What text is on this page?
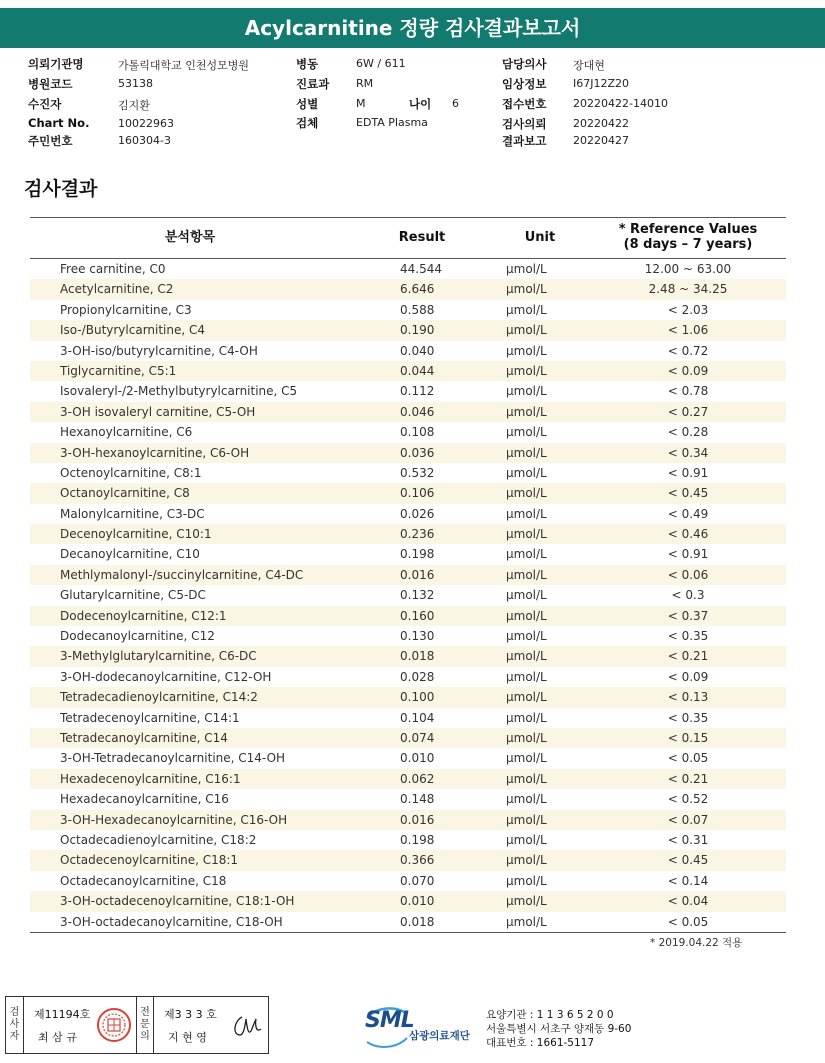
Acylcarnitine 정량 검사결과보고서
의뢰기관명	가톨릭대학교 인천성모병원
병원코드	53138
수진자	김지환
Chart No.	10022963
주민번호	160304-3
병동	6W / 611
진료과 RM
성별	M	나이 6
검체	EDTA Plasma
담당의사 장대현
임상정보 I67J12Z20
접수번호 20220422-14010
검사의뢰 20220422
결과보고 20220427
검사결과
분석항목	Result	Unit	* Reference Values
(8 days – 7 years)
Free carnitine, C0	44.544	μmol/L	12.00 ~ 63.00
Acetylcarnitine, C2	6.646	μmol/L	2.48 ~ 34.25
Propionylcarnitine, C3	0.588	μmol/L	< 2.03
Iso-/Butyrylcarnitine, C4	0.190	μmol/L	< 1.06
3-OH-iso/butyrylcarnitine, C4-OH	0.040	μmol/L	< 0.72
Tiglycarnitine, C5:1	0.044	μmol/L	< 0.09
Isovaleryl-/2-Methylbutyrylcarnitine, C5	0.112	μmol/L	< 0.78
3-OH isovaleryl carnitine, C5-OH	0.046	μmol/L	< 0.27
Hexanoylcarnitine, C6	0.108	μmol/L	< 0.28
3-OH-hexanoylcarnitine, C6-OH	0.036	μmol/L	< 0.34
Octenoylcarnitine, C8:1	0.532	μmol/L	< 0.91
Octanoylcarnitine, C8	0.106	μmol/L	< 0.45
Malonylcarnitine, C3-DC	0.026	μmol/L	< 0.49
Decenoylcarnitine, C10:1	0.236	μmol/L	< 0.46
Decanoylcarnitine, C10	0.198	μmol/L	< 0.91
Methlymalonyl-/succinylcarnitine, C4-DC	0.016	μmol/L	< 0.06
Glutarylcarnitine, C5-DC	0.132	μmol/L	< 0.3
Dodecenoylcarnitine, C12:1	0.160	μmol/L	< 0.37
Dodecanoylcarnitine, C12	0.130	μmol/L	< 0.35
3-Methylglutarylcarnitine, C6-DC	0.018	μmol/L	< 0.21
3-OH-dodecanoylcarnitine, C12-OH	0.028	μmol/L	< 0.09
Tetradecadienoylcarnitine, C14:2	0.100	μmol/L	< 0.13
Tetradecenoylcarnitine, C14:1	0.104	μmol/L	< 0.35
Tetradecanoylcarnitine, C14	0.074	μmol/L	< 0.15
3-OH-Tetradecanoylcarnitine, C14-OH	0.010	μmol/L	< 0.05
Hexadecenoylcarnitine, C16:1	0.062	μmol/L	< 0.21
Hexadecanoylcarnitine, C16	0.148	μmol/L	< 0.52
3-OH-Hexadecanoylcarnitine, C16-OH	0.016	μmol/L	< 0.07
Octadecadienoylcarnitine, C18:2	0.198	μmol/L	< 0.31
Octadecenoylcarnitine, C18:1	0.366	μmol/L	< 0.45
Octadecanoylcarnitine, C18	0.070	μmol/L	< 0.14
3-OH-octadecenoylcarnitine, C18:1-OH	0.010	μmol/L	< 0.04
3-OH-octadecanoylcarnitine, C18-OH	0.018	μmol/L	< 0.05
* 2019.04.22 적용
검
사
자
제11194호
최 삼 규
전
문
의
제3 3 3 호
지 현 영
SML
삼광의료재단
요양기관 : 1 1 3 6 5 2 0 0
서울특별시 서초구 양재동 9-60
대표번호 : 1661-5117
